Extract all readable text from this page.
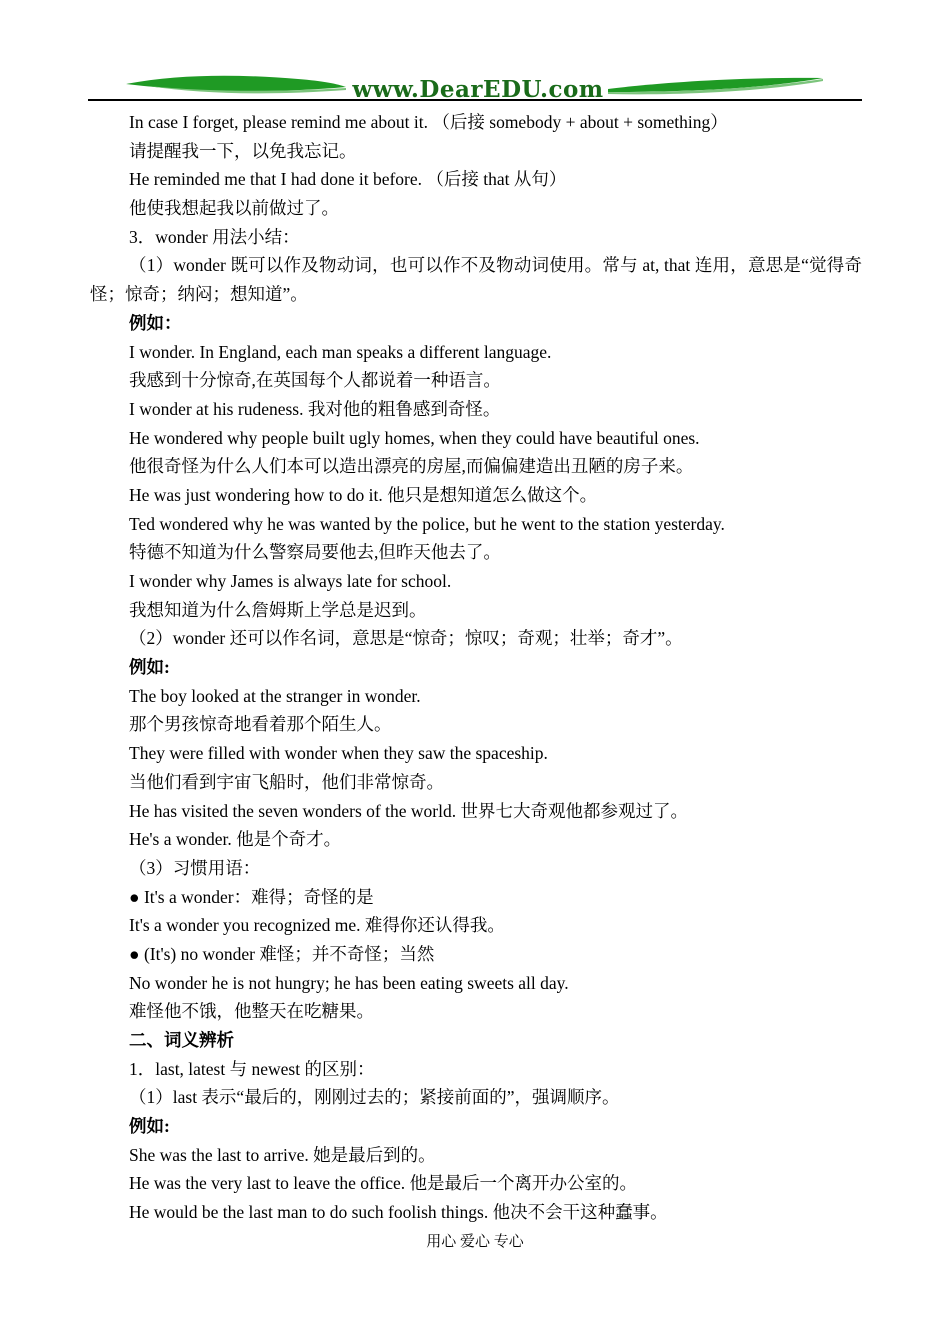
www.DearEDU.com
In case I forget, please remind me about it. （后接 somebody + about + something）
请提醒我一下，以免我忘记。
He reminded me that I had done it before. （后接 that 从句）
他使我想起我以前做过了。
3．wonder 用法小结：
（1）wonder 既可以作及物动词，也可以作不及物动词使用。常与 at, that 连用，意思是“觉得奇怪；惊奇；纳闷；想知道”。
例如：
I wonder. In England, each man speaks a different language.
我感到十分惊奇,在英国每个人都说着一种语言。
I wonder at his rudeness. 我对他的粗鲁感到奇怪。
He wondered why people built ugly homes, when they could have beautiful ones.
他很奇怪为什么人们本可以造出漂亮的房屋,而偏偏建造出丑陋的房子来。
He was just wondering how to do it. 他只是想知道怎么做这个。
Ted wondered why he was wanted by the police, but he went to the station yesterday.
特德不知道为什么警察局要他去,但昨天他去了。
I wonder why James is always late for school.
我想知道为什么詹姆斯上学总是迟到。
（2）wonder 还可以作名词，意思是“惊奇；惊叹；奇观；壮举；奇才”。
例如:
The boy looked at the stranger in wonder.
那个男孩惊奇地看着那个陌生人。
They were filled with wonder when they saw the spaceship.
当他们看到宇宙飞船时，他们非常惊奇。
He has visited the seven wonders of the world. 世界七大奇观他都参观过了。
He's a wonder. 他是个奇才。
（3）习惯用语：
● It's a wonder：难得；奇怪的是
It's a wonder you recognized me. 难得你还认得我。
● (It's) no wonder 难怪；并不奇怪；当然
No wonder he is not hungry; he has been eating sweets all day.
难怪他不饿，他整天在吃糖果。
二、词义辨析
1．last, latest 与 newest 的区别：
（1）last 表示“最后的，刚刚过去的；紧接前面的”，强调顺序。
例如:
She was the last to arrive. 她是最后到的。
He was the very last to leave the office. 他是最后一个离开办公室的。
He would be the last man to do such foolish things. 他决不会干这种蠢事。
用心 爱心 专心
